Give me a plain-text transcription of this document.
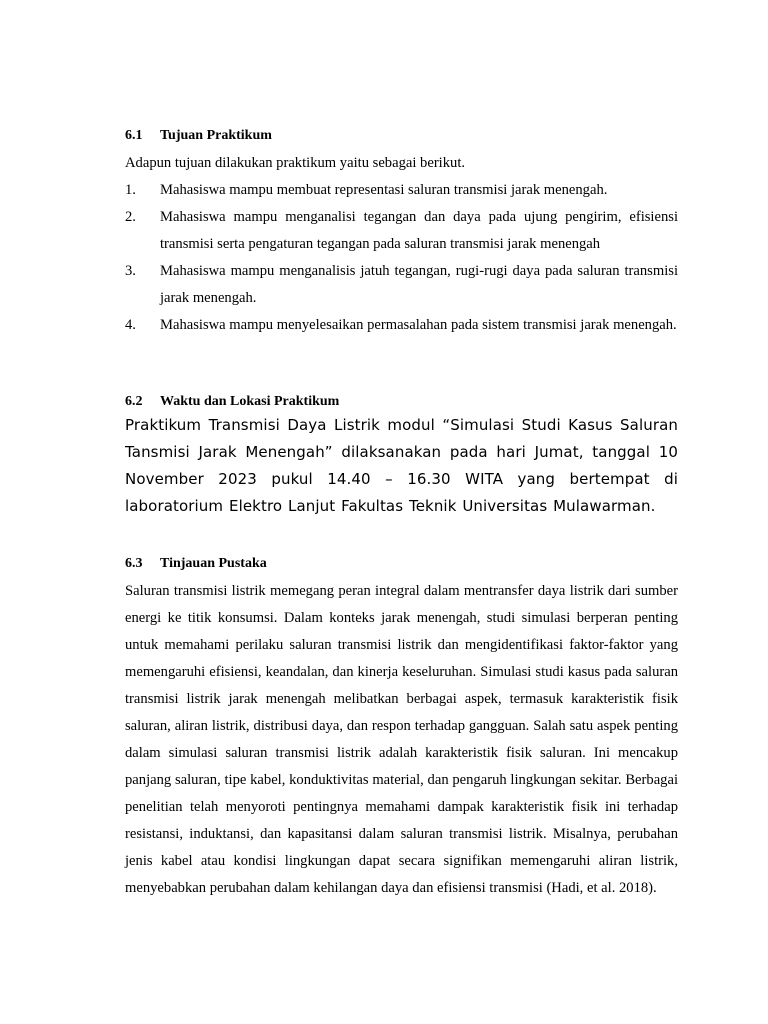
6.1	Tujuan Praktikum

Adapun tujuan dilakukan praktikum yaitu sebagai berikut.

1.	Mahasiswa mampu membuat representasi saluran transmisi jarak menengah.
2.	Mahasiswa mampu menganalisi tegangan dan daya pada ujung pengirim, efisiensi transmisi serta pengaturan tegangan pada saluran transmisi jarak menengah
3.	Mahasiswa mampu menganalisis jatuh tegangan, rugi-rugi daya pada saluran transmisi jarak menengah.
4.	Mahasiswa mampu menyelesaikan permasalahan pada sistem transmisi jarak menengah.
6.2	Waktu dan Lokasi Praktikum

Praktikum Transmisi Daya Listrik modul “Simulasi Studi Kasus Saluran Tansmisi Jarak Menengah” dilaksanakan pada hari Jumat, tanggal 10 November 2023 pukul 14.40 – 16.30 WITA yang bertempat di laboratorium Elektro Lanjut Fakultas Teknik Universitas Mulawarman.

6.3	Tinjauan Pustaka

Saluran transmisi listrik memegang peran integral dalam mentransfer daya listrik dari sumber energi ke titik konsumsi. Dalam konteks jarak menengah, studi simulasi berperan penting untuk memahami perilaku saluran transmisi listrik dan mengidentifikasi faktor-faktor yang memengaruhi efisiensi, keandalan, dan kinerja keseluruhan. Simulasi studi kasus pada saluran transmisi listrik jarak menengah melibatkan berbagai aspek, termasuk karakteristik fisik saluran, aliran listrik, distribusi daya, dan respon terhadap gangguan. Salah satu aspek penting dalam simulasi saluran transmisi listrik adalah karakteristik fisik saluran. Ini mencakup panjang saluran, tipe kabel, konduktivitas material, dan pengaruh lingkungan sekitar. Berbagai penelitian telah menyoroti pentingnya memahami dampak karakteristik fisik ini terhadap resistansi, induktansi, dan kapasitansi dalam saluran transmisi listrik. Misalnya, perubahan jenis kabel atau kondisi lingkungan dapat secara signifikan memengaruhi aliran listrik, menyebabkan perubahan dalam kehilangan daya dan efisiensi transmisi (Hadi, et al. 2018).
